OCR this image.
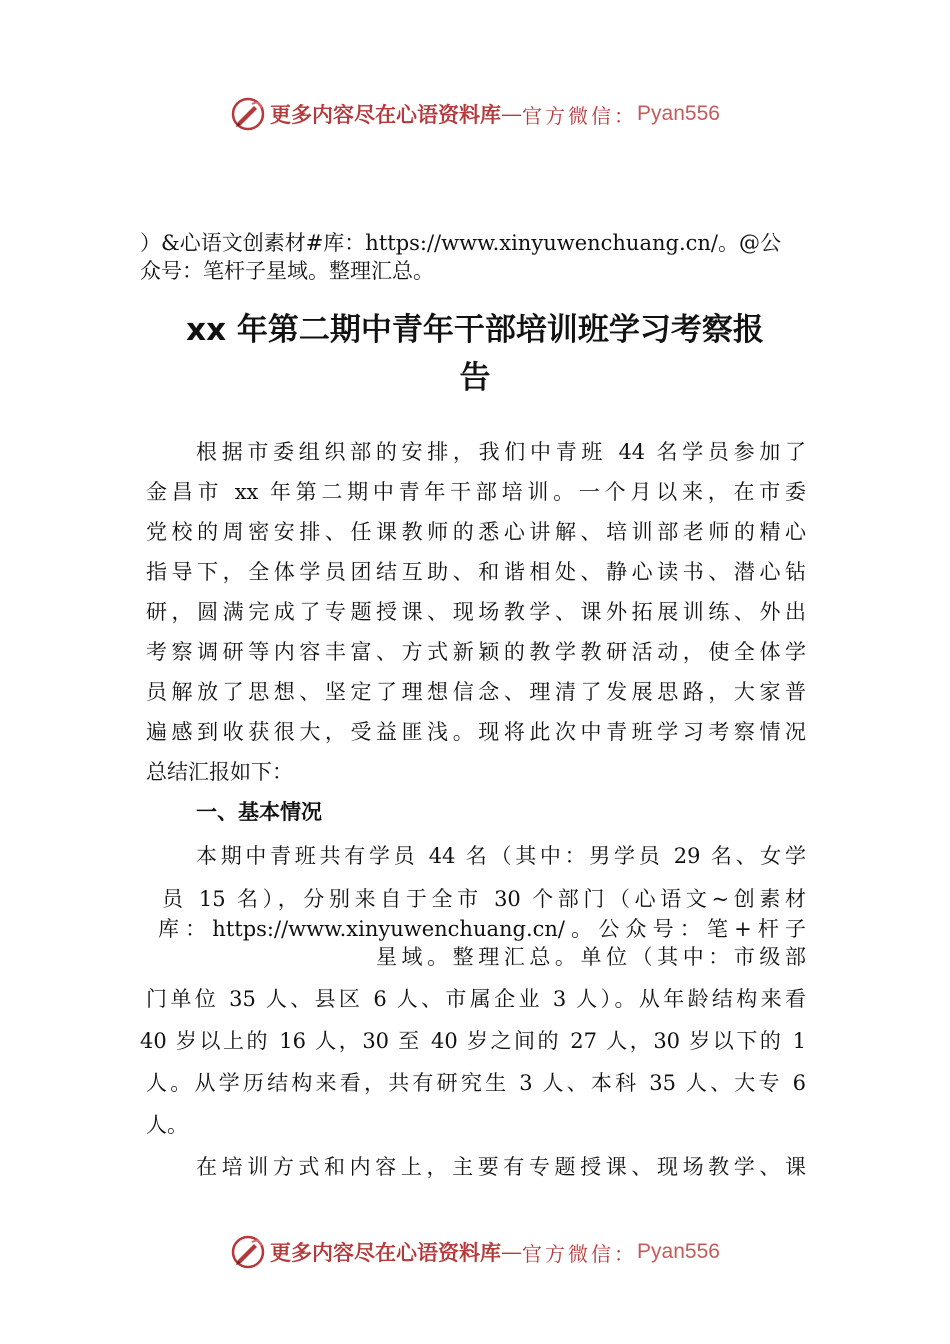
更多内容尽在心语资料库 — 官方微信： Pyan556
）&心语文创素材#库：https://www.xinyuwenchuang.cn/。@公
众号：笔杆子星域。整理汇总。
xx 年第二期中青年干部培训班学习考察报
告
根据市委组织部的安排，我们中青班 44 名学员参加了
金昌市 xx 年第二期中青年干部培训。一个月以来，在市委
党校的周密安排、任课教师的悉心讲解、培训部老师的精心
指导下，全体学员团结互助、和谐相处、静心读书、潜心钻
研，圆满完成了专题授课、现场教学、课外拓展训练、外出
考察调研等内容丰富、方式新颖的教学教研活动，使全体学
员解放了思想、坚定了理想信念、理清了发展思路，大家普
遍感到收获很大，受益匪浅。现将此次中青班学习考察情况
总结汇报如下：
一、基本情况
本期中青班共有学员 44 名（其中：男学员 29 名、女学
员 15 名），分别来自于全市 30 个部门（心语文~创素材
库：https://www.xinyuwenchuang.cn/。公众号：笔+杆子
星域。整理汇总。单位（其中：市级部
门单位 35 人、县区 6 人、市属企业 3 人）。从年龄结构来看
40 岁以上的 16 人，30 至 40 岁之间的 27 人，30 岁以下的 1
人。从学历结构来看，共有研究生 3 人、本科 35 人、大专 6
人。
在培训方式和内容上，主要有专题授课、现场教学、课
更多内容尽在心语资料库 — 官方微信： Pyan556
